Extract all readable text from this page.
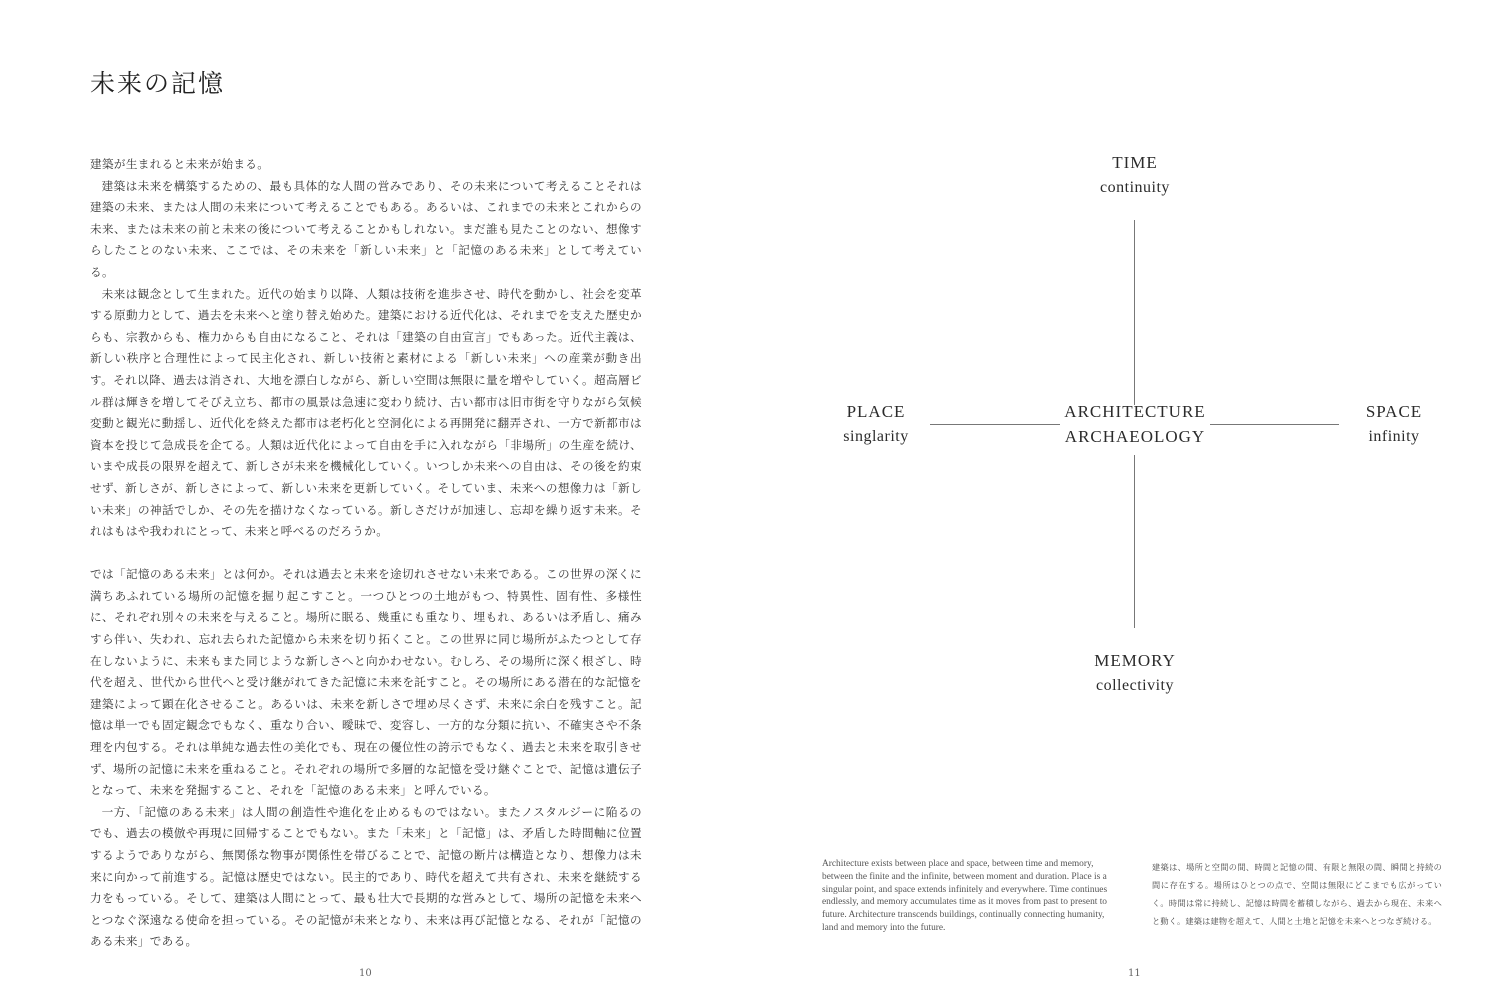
未来の記憶

建築が生まれると未来が始まる。

建築は未来を構築するための、最も具体的な人間の営みであり、その未来について考えることそれは建築の未来、または人間の未来について考えることでもある。あるいは、これまでの未来とこれからの未来、または未来の前と未来の後について考えることかもしれない。まだ誰も見たことのない、想像すらしたことのない未来、ここでは、その未来を「新しい未来」と「記憶のある未来」として考えている。

未来は観念として生まれた。近代の始まり以降、人類は技術を進歩させ、時代を動かし、社会を変革する原動力として、過去を未来へと塗り替え始めた。建築における近代化は、それまでを支えた歴史からも、宗教からも、権力からも自由になること、それは「建築の自由宣言」でもあった。近代主義は、新しい秩序と合理性によって民主化され、新しい技術と素材による「新しい未来」への産業が動き出す。それ以降、過去は消され、大地を漂白しながら、新しい空間は無限に量を増やしていく。超高層ビル群は輝きを増してそびえ立ち、都市の風景は急速に変わり続け、古い都市は旧市街を守りながら気候変動と観光に動揺し、近代化を終えた都市は老朽化と空洞化による再開発に翻弄され、一方で新都市は資本を投じて急成長を企てる。人類は近代化によって自由を手に入れながら「非場所」の生産を続け、いまや成長の限界を超えて、新しさが未来を機械化していく。いつしか未来への自由は、その後を約束せず、新しさが、新しさによって、新しい未来を更新していく。そしていま、未来への想像力は「新しい未来」の神話でしか、その先を描けなくなっている。新しさだけが加速し、忘却を繰り返す未来。それはもはや我われにとって、未来と呼べるのだろうか。

では「記憶のある未来」とは何か。それは過去と未来を途切れさせない未来である。この世界の深くに満ちあふれている場所の記憶を掘り起こすこと。一つひとつの土地がもつ、特異性、固有性、多様性に、それぞれ別々の未来を与えること。場所に眠る、幾重にも重なり、埋もれ、あるいは矛盾し、痛みすら伴い、失われ、忘れ去られた記憶から未来を切り拓くこと。この世界に同じ場所がふたつとして存在しないように、未来もまた同じような新しさへと向かわせない。むしろ、その場所に深く根ざし、時代を超え、世代から世代へと受け継がれてきた記憶に未来を託すこと。その場所にある潜在的な記憶を建築によって顕在化させること。あるいは、未来を新しさで埋め尽くさず、未来に余白を残すこと。記憶は単一でも固定観念でもなく、重なり合い、曖昧で、変容し、一方的な分類に抗い、不確実さや不条理を内包する。それは単純な過去性の美化でも、現在の優位性の誇示でもなく、過去と未来を取引きせず、場所の記憶に未来を重ねること。それぞれの場所で多層的な記憶を受け継ぐことで、記憶は遺伝子となって、未来を発掘すること、それを「記憶のある未来」と呼んでいる。

一方、「記憶のある未来」は人間の創造性や進化を止めるものではない。またノスタルジーに陥るのでも、過去の模倣や再現に回帰することでもない。また「未来」と「記憶」は、矛盾した時間軸に位置するようでありながら、無関係な物事が関係性を帯びることで、記憶の断片は構造となり、想像力は未来に向かって前進する。記憶は歴史ではない。民主的であり、時代を超えて共有され、未来を継続する力をもっている。そして、建築は人間にとって、最も壮大で長期的な営みとして、場所の記憶を未来へとつなぐ深遠なる使命を担っている。その記憶が未来となり、未来は再び記憶となる、それが「記憶のある未来」である。

10
TIME
continuity
MEMORY
collectivity
PLACE
singlarity
SPACE
infinity
ARCHITECTURE
ARCHAEOLOGY
Architecture exists between place and space, between time and memory, between the finite and the infinite, between moment and duration. Place is a singular point, and space extends infinitely and everywhere. Time continues endlessly, and memory accumulates time as it moves from past to present to future. Architecture transcends buildings, continually connecting humanity, land and memory into the future.
建築は、場所と空間の間、時間と記憶の間、有限と無限の間、瞬間と持続の間に存在する。場所はひとつの点で、空間は無限にどこまでも広がっていく。時間は常に持続し、記憶は時間を蓄積しながら、過去から現在、未来へと動く。建築は建物を超えて、人間と土地と記憶を未来へとつなぎ続ける。
11
